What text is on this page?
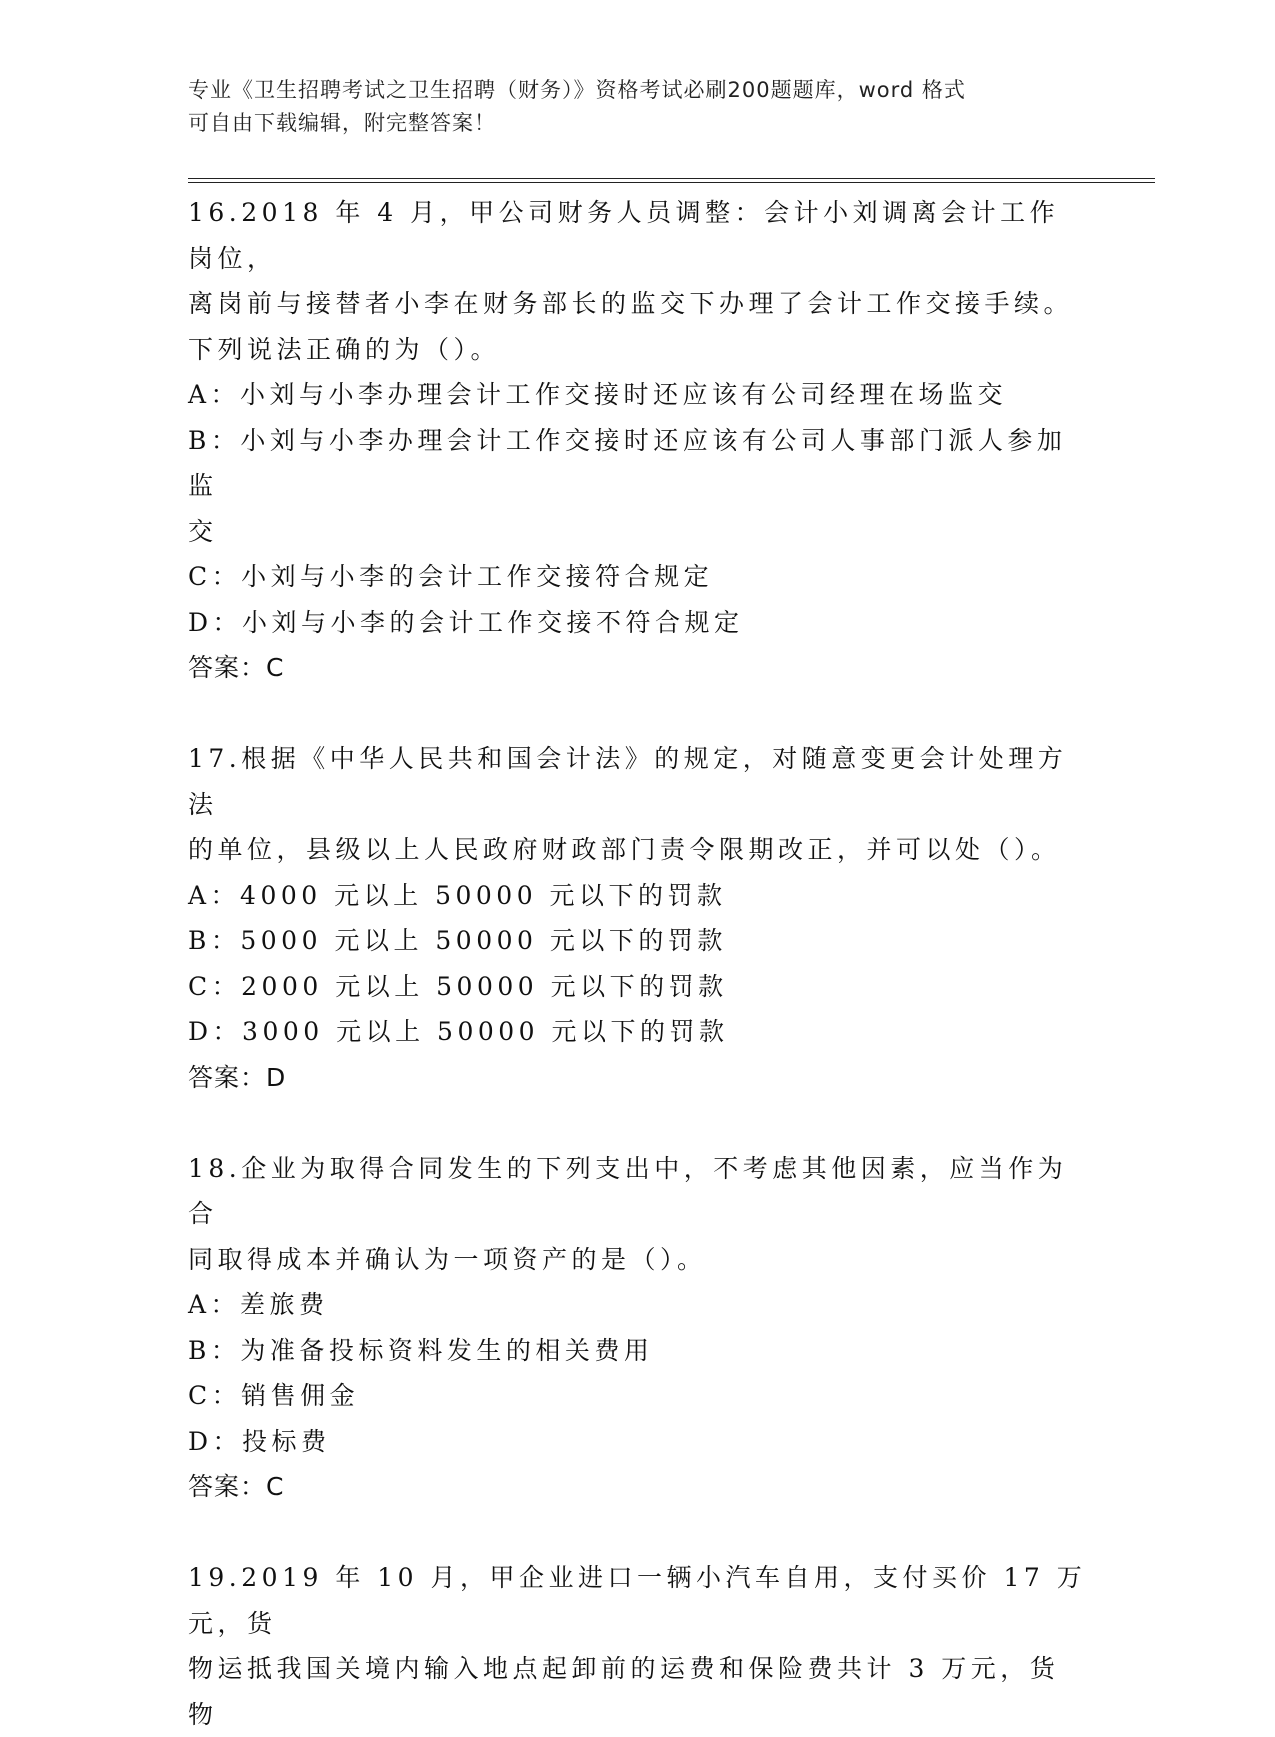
专业《卫生招聘考试之卫生招聘（财务）》资格考试必刷200题题库，word 格式
可自由下载编辑，附完整答案！
16.2018 年 4 月，甲公司财务人员调整：会计小刘调离会计工作岗位，
离岗前与接替者小李在财务部长的监交下办理了会计工作交接手续。
下列说法正确的为（）。
A：小刘与小李办理会计工作交接时还应该有公司经理在场监交
B：小刘与小李办理会计工作交接时还应该有公司人事部门派人参加监
交
C：小刘与小李的会计工作交接符合规定
D：小刘与小李的会计工作交接不符合规定
答案：C
17.根据《中华人民共和国会计法》的规定，对随意变更会计处理方法
的单位，县级以上人民政府财政部门责令限期改正，并可以处（）。
A：4000 元以上 50000 元以下的罚款
B：5000 元以上 50000 元以下的罚款
C：2000 元以上 50000 元以下的罚款
D：3000 元以上 50000 元以下的罚款
答案：D
18.企业为取得合同发生的下列支出中，不考虑其他因素，应当作为合
同取得成本并确认为一项资产的是（）。
A：差旅费
B：为准备投标资料发生的相关费用
C：销售佣金
D：投标费
答案：C
19.2019 年 10 月，甲企业进口一辆小汽车自用，支付买价 17 万元，货
物运抵我国关境内输入地点起卸前的运费和保险费共计 3 万元，货物
